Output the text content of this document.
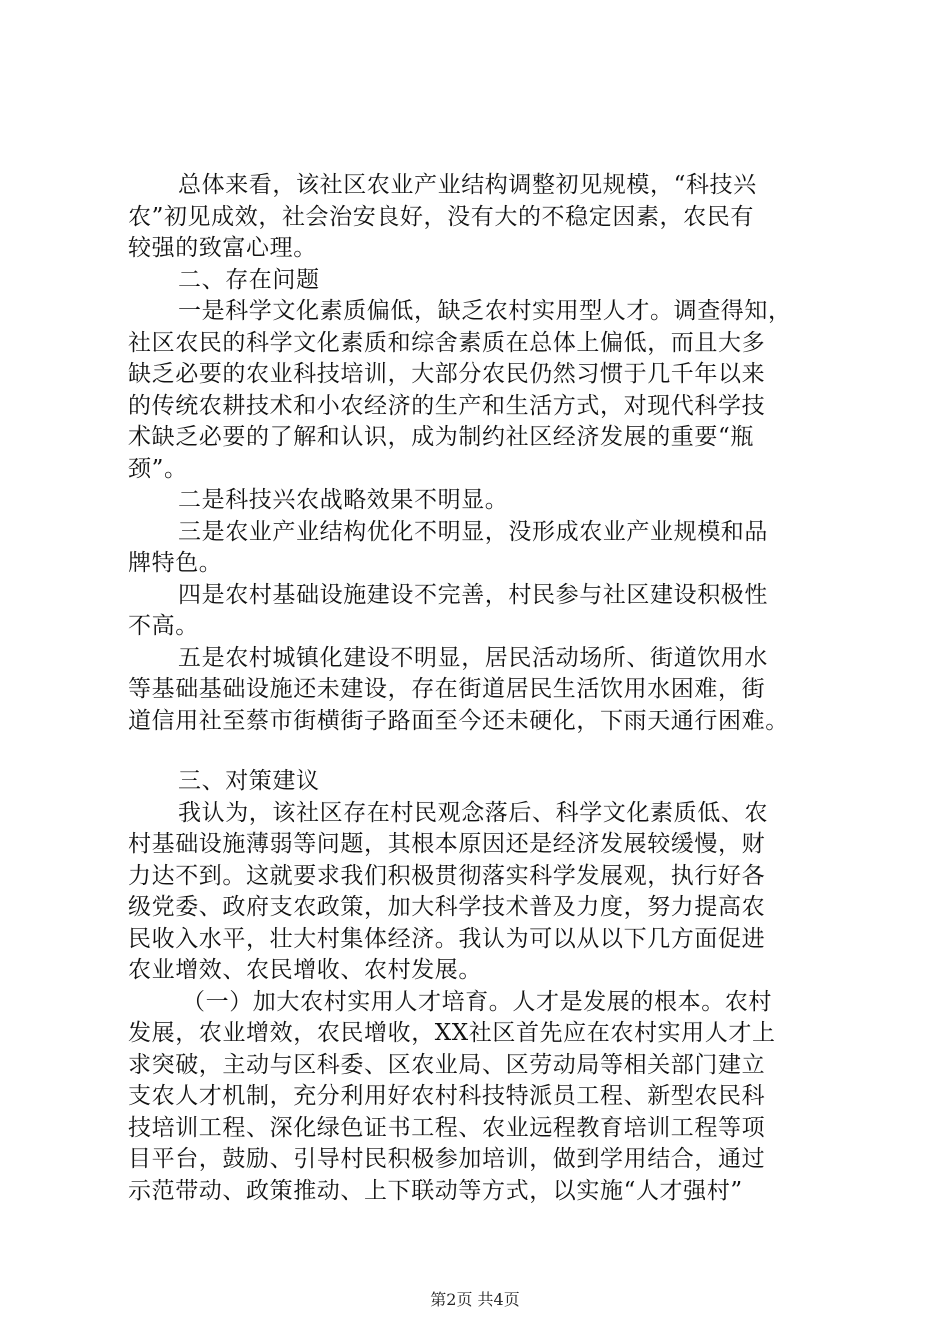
总体来看，该社区农业产业结构调整初见规模，“科技兴
农”初见成效，社会治安良好，没有大的不稳定因素，农民有
较强的致富心理。
二、存在问题
一是科学文化素质偏低，缺乏农村实用型人才。调查得知，
社区农民的科学文化素质和综舍素质在总体上偏低，而且大多
缺乏必要的农业科技培训，大部分农民仍然习惯于几千年以来
的传统农耕技术和小农经济的生产和生活方式，对现代科学技
术缺乏必要的了解和认识，成为制约社区经济发展的重要“瓶
颈”。
二是科技兴农战略效果不明显。
三是农业产业结构优化不明显，没形成农业产业规模和品
牌特色。
四是农村基础设施建设不完善，村民参与社区建设积极性
不高。
五是农村城镇化建设不明显，居民活动场所、街道饮用水
等基础基础设施还未建设，存在街道居民生活饮用水困难，街
道信用社至蔡市街横街子路面至今还未硬化，下雨天通行困难。
三、对策建议
我认为，该社区存在村民观念落后、科学文化素质低、农
村基础设施薄弱等问题，其根本原因还是经济发展较缓慢，财
力达不到。这就要求我们积极贯彻落实科学发展观，执行好各
级党委、政府支农政策，加大科学技术普及力度，努力提高农
民收入水平，壮大村集体经济。我认为可以从以下几方面促进
农业增效、农民增收、农村发展。
（一）加大农村实用人才培育。人才是发展的根本。农村
发展，农业增效，农民增收，XX社区首先应在农村实用人才上
求突破，主动与区科委、区农业局、区劳动局等相关部门建立
支农人才机制，充分利用好农村科技特派员工程、新型农民科
技培训工程、深化绿色证书工程、农业远程教育培训工程等项
目平台，鼓励、引导村民积极参加培训，做到学用结合，通过
示范带动、政策推动、上下联动等方式，以实施“人才强村”
第2页 共4页
